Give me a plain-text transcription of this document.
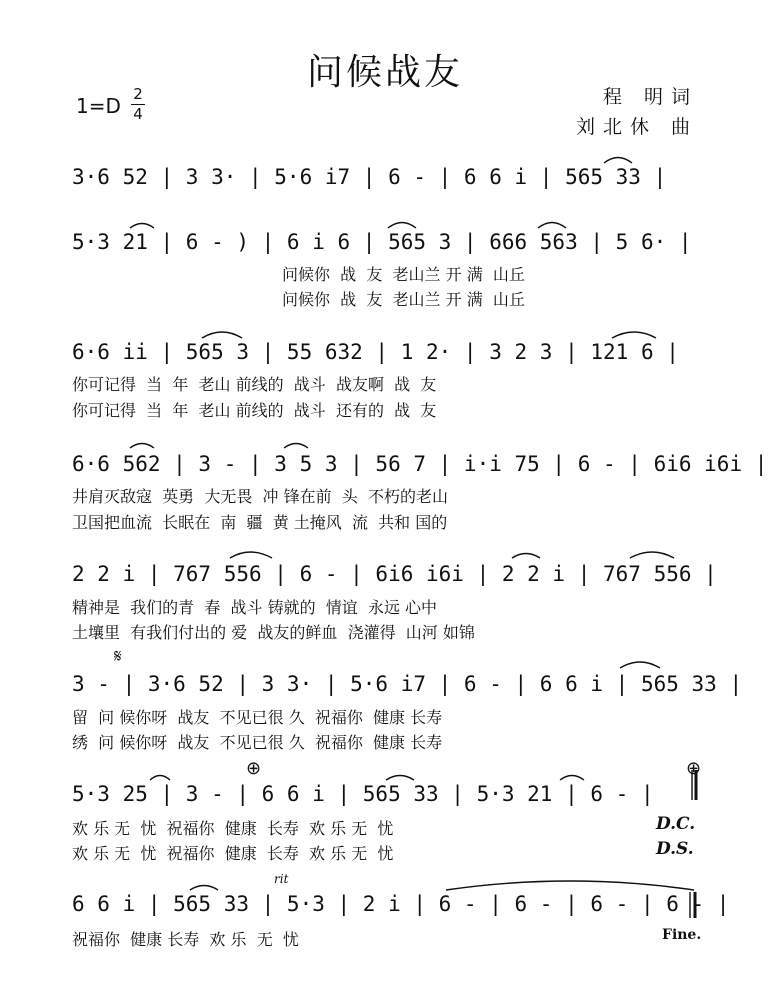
问候战友
1=D 2
4
程 明词
刘北休 曲
3·6 52 | 3 3· | 5·6 i7 | 6 - | 6 6 i | 565 33 |
5·3 21 | 6 - ) | 6 i 6 | 565 3 | 666 563 | 5 6· |
问候你  战  友  老山兰 开 满  山丘
问候你  战  友  老山兰 开 满  山丘
6·6 ii | 565 3 | 55 632 | 1 2· | 3 2 3 | 121 6 |
你可记得  当  年  老山 前线的  战斗  战友啊  战  友
你可记得  当  年  老山 前线的  战斗  还有的  战  友
6·6 562 | 3 - | 3 5 3 | 56 7 | i·i 75 | 6 - | 6i6 i6i |
井肩灭敌寇  英勇  大无畏  冲 锋在前  头  不朽的老山
卫国把血流  长眠在  南  疆  黄 土掩风  流  共和 国的
2 2 i | 767 556 | 6 - | 6i6 i6i | 2 2 i | 767 556 |
精神是  我们的青  春  战斗 铸就的  情谊  永远 心中
土壤里  有我们付出的 爱  战友的鲜血  浇灌得  山河 如锦
𝄋
3 - | 3·6 52 | 3 3· | 5·6 i7 | 6 - | 6 6 i | 565 33 |
留  问 候你呀  战友  不见已很 久  祝福你  健康 长寿
绣  问 候你呀  战友  不见已很 久  祝福你  健康 长寿
⊕	⊕
5·3 25 | 3 - | 6 6 i | 565 33 | 5·3 21 | 6 - |
欢 乐 无  忧  祝福你  健康  长寿  欢 乐 无  忧
欢 乐 无  忧  祝福你  健康  长寿  欢 乐 无  忧
D.C.
D.S.
rit
6 6 i | 565 33 | 5·3 | 2 i | 6 - | 6 - | 6 - | 6 - |
祝福你  健康 长寿  欢 乐  无  忧	Fine.
